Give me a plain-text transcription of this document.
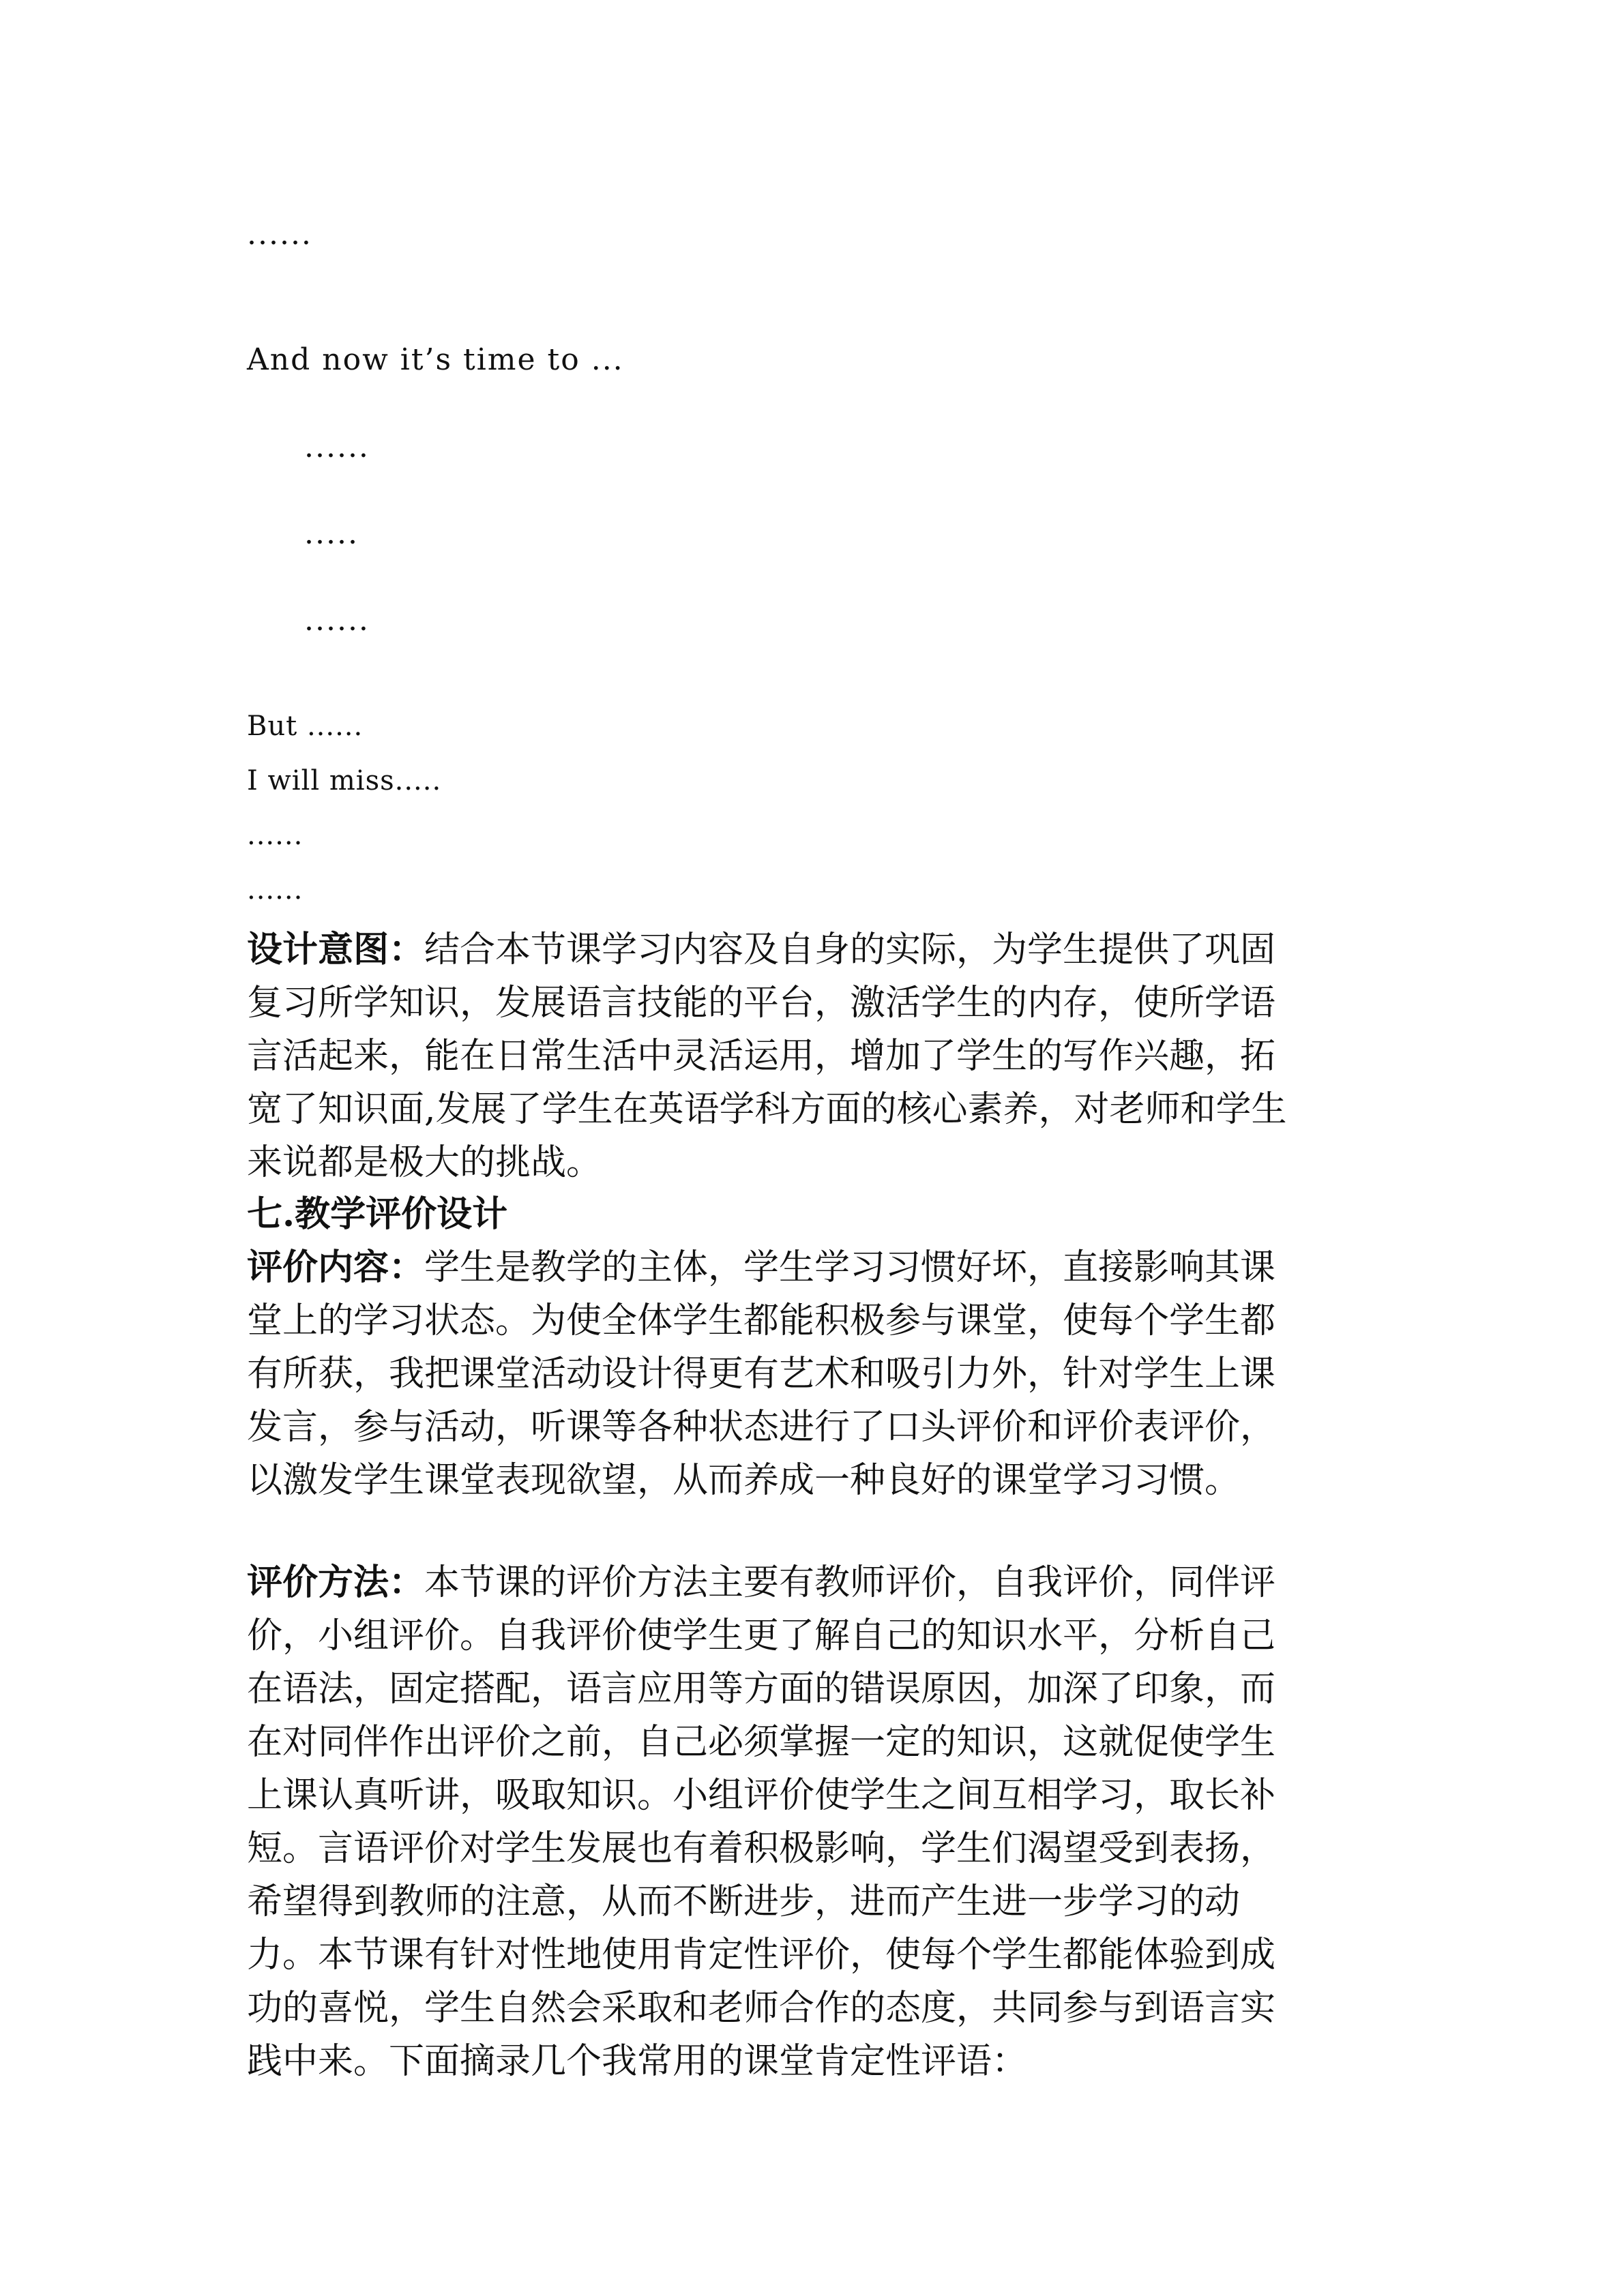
......

And now it’s time to ...

......

.....

......

But ......

I will miss.....

......

......

设计意图：结合本节课学习内容及自身的实际，为学生提供了巩固

复习所学知识，发展语言技能的平台，激活学生的内存，使所学语

言活起来，能在日常生活中灵活运用，增加了学生的写作兴趣，拓

宽了知识面,发展了学生在英语学科方面的核心素养，对老师和学生

来说都是极大的挑战。

七.教学评价设计

评价内容：学生是教学的主体，学生学习习惯好坏，直接影响其课

堂上的学习状态。为使全体学生都能积极参与课堂，使每个学生都

有所获，我把课堂活动设计得更有艺术和吸引力外，针对学生上课

发言，参与活动，听课等各种状态进行了口头评价和评价表评价，

以激发学生课堂表现欲望，从而养成一种良好的课堂学习习惯。

评价方法：本节课的评价方法主要有教师评价，自我评价，同伴评

价，小组评价。自我评价使学生更了解自己的知识水平，分析自己

在语法，固定搭配，语言应用等方面的错误原因，加深了印象，而

在对同伴作出评价之前，自己必须掌握一定的知识，这就促使学生

上课认真听讲，吸取知识。小组评价使学生之间互相学习，取长补

短。言语评价对学生发展也有着积极影响，学生们渴望受到表扬，

希望得到教师的注意，从而不断进步，进而产生进一步学习的动

力。本节课有针对性地使用肯定性评价，使每个学生都能体验到成

功的喜悦，学生自然会采取和老师合作的态度，共同参与到语言实

践中来。下面摘录几个我常用的课堂肯定性评语：
